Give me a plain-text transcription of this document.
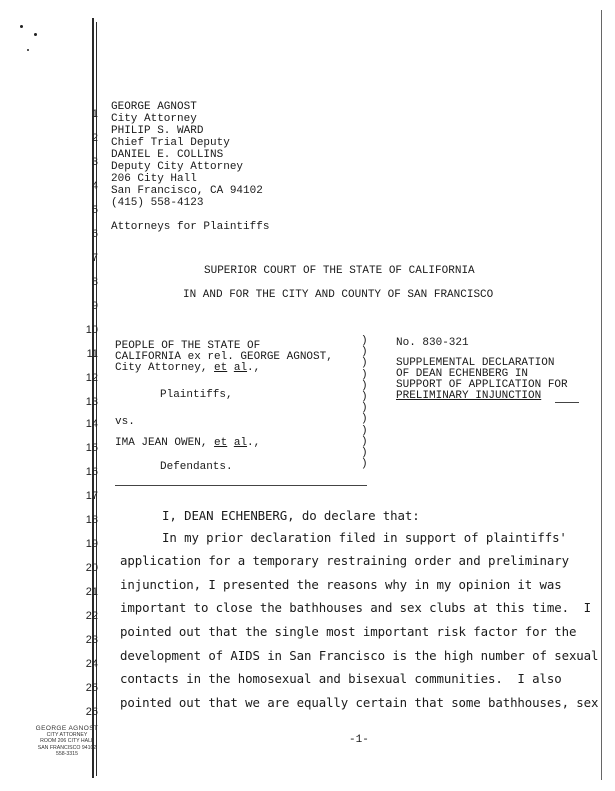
1
2
3
4
5
6
7
8
9
10
11
12
13
14
15
16
17
18
19
20
21
22
23
24
25
26
GEORGE AGNOST
City Attorney
PHILIP S. WARD
Chief Trial Deputy
DANIEL E. COLLINS
Deputy City Attorney
206 City Hall
San Francisco, CA 94102
(415) 558-4123
Attorneys for Plaintiffs
SUPERIOR COURT OF THE STATE OF CALIFORNIA
IN AND FOR THE CITY AND COUNTY OF SAN FRANCISCO
PEOPLE OF THE STATE OF
CALIFORNIA ex rel. GEORGE AGNOST,
City Attorney, et al.,
Plaintiffs,
vs.
IMA JEAN OWEN, et al.,
Defendants.
)
)
)
)
)
)
)
)
)
)
)
)
No. 830-321
SUPPLEMENTAL DECLARATION
OF DEAN ECHENBERG IN
SUPPORT OF APPLICATION FOR
PRELIMINARY INJUNCTION
I, DEAN ECHENBERG, do declare that:
In my prior declaration filed in support of plaintiffs'
application for a temporary restraining order and preliminary
injunction, I presented the reasons why in my opinion it was
important to close the bathhouses and sex clubs at this time.  I
pointed out that the single most important risk factor for the
development of AIDS in San Francisco is the high number of sexual
contacts in the homosexual and bisexual communities.  I also
pointed out that we are equally certain that some bathhouses, sex
-1-
GEORGE AGNOST
CITY ATTORNEY
ROOM 206 CITY HALL
SAN FRANCISCO 94102
558-3315
